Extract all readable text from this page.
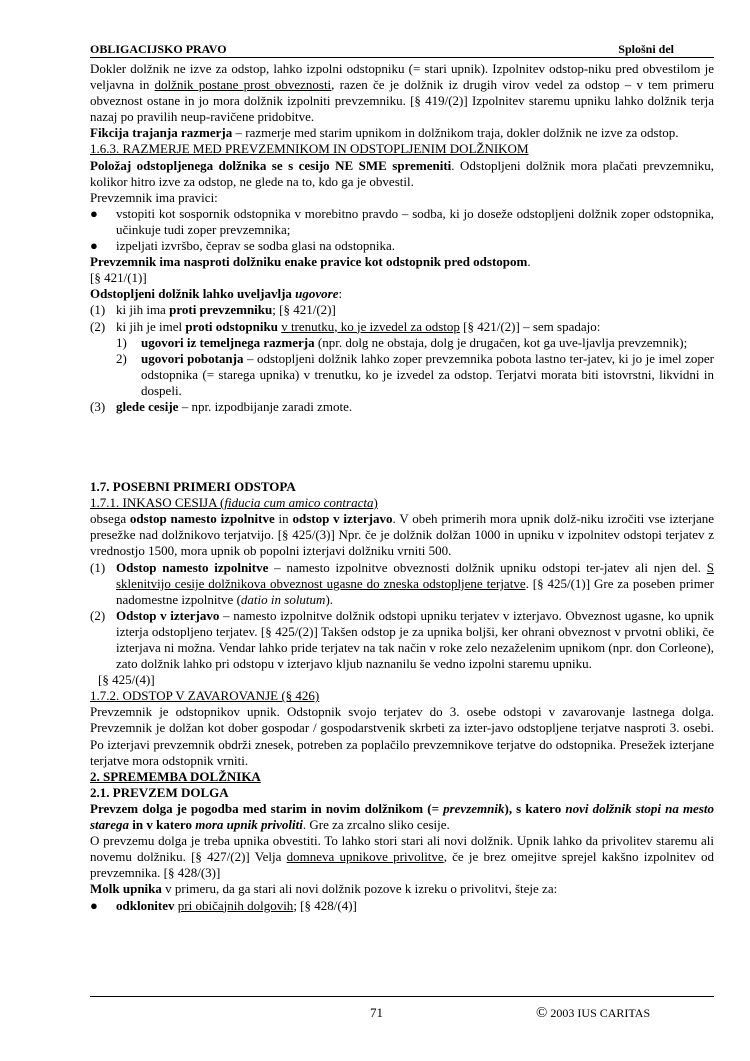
OBLIGACIJSKO PRAVO	Splošni del

Dokler dolžnik ne izve za odstop, lahko izpolni odstopniku (= stari upnik). Izpolnitev odstop-niku pred obvestilom je veljavna in dolžnik postane prost obveznosti, razen če je dolžnik iz drugih virov vedel za odstop – v tem primeru obveznost ostane in jo mora dolžnik izpolniti prevzemniku. [§ 419/(2)] Izpolnitev staremu upniku lahko dolžnik terja nazaj po pravilih neup-ravičene pridobitve.

Fikcija trajanja razmerja – razmerje med starim upnikom in dolžnikom traja, dokler dolžnik ne izve za odstop.

1.6.3. RAZMERJE MED PREVZEMNIKOM IN ODSTOPLJENIM DOLŽNIKOM

Položaj odstopljenega dolžnika se s cesijo NE SME spremeniti. Odstopljeni dolžnik mora plačati prevzemniku, kolikor hitro izve za odstop, ne glede na to, kdo ga je obvestil.

Prevzemnik ima pravici:

● vstopiti kot sospornik odstopnika v morebitno pravdo – sodba, ki jo doseže odstopljeni dolžnik zoper odstopnika, učinkuje tudi zoper prevzemnika;
● izpeljati izvršbo, čeprav se sodba glasi na odstopnika.

Prevzemnik ima nasproti dolžniku enake pravice kot odstopnik pred odstopom.

[§ 421/(1)]

Odstopljeni dolžnik lahko uveljavlja ugovore:

(1) ki jih ima proti prevzemniku; [§ 421/(2)]
(2) ki jih je imel proti odstopniku v trenutku, ko je izvedel za odstop [§ 421/(2)] – sem spadajo:
1) ugovori iz temeljnega razmerja (npr. dolg ne obstaja, dolg je drugačen, kot ga uve-ljavlja prevzemnik);
2) ugovori pobotanja – odstopljeni dolžnik lahko zoper prevzemnika pobota lastno ter-jatev, ki jo je imel zoper odstopnika (= starega upnika) v trenutku, ko je izvedel za odstop. Terjatvi morata biti istovrstni, likvidni in dospeli.
(3) glede cesije – npr. izpodbijanje zaradi zmote.

1.7. POSEBNI PRIMERI ODSTOPA

1.7.1. INKASO CESIJA (fiducia cum amico contracta)

obsega odstop namesto izpolnitve in odstop v izterjavo. V obeh primerih mora upnik dolž-niku izročiti vse izterjane presežke nad dolžnikovo terjatvijo. [§ 425/(3)] Npr. če je dolžnik dolžan 1000 in upniku v izpolnitev odstopi terjatev z vrednostjo 1500, mora upnik ob popolni izterjavi dolžniku vrniti 500.

(1) Odstop namesto izpolnitve – namesto izpolnitve obveznosti dolžnik upniku odstopi ter-jatev ali njen del. S sklenitvijo cesije dolžnikova obveznost ugasne do zneska odstopljene terjatve. [§ 425/(1)] Gre za poseben primer nadomestne izpolnitve (datio in solutum).
(2) Odstop v izterjavo – namesto izpolnitve dolžnik odstopi upniku terjatev v izterjavo. Obveznost ugasne, ko upnik izterja odstopljeno terjatev. [§ 425/(2)] Takšen odstop je za upnika boljši, ker ohrani obveznost v prvotni obliki, če izterjava ni možna. Vendar lahko pride terjatev na tak način v roke zelo nezaželenim upnikom (npr. don Corleone), zato dolžnik lahko pri odstopu v izterjavo kljub naznanilu še vedno izpolni staremu upniku.

[§ 425/(4)]

1.7.2. ODSTOP V ZAVAROVANJE (§ 426)

Prevzemnik je odstopnikov upnik. Odstopnik svojo terjatev do 3. osebe odstopi v zavarovanje lastnega dolga. Prevzemnik je dolžan kot dober gospodar / gospodarstvenik skrbeti za izter-javo odstopljene terjatve nasproti 3. osebi. Po izterjavi prevzemnik obdrži znesek, potreben za poplačilo prevzemnikove terjatve do odstopnika. Presežek izterjane terjatve mora odstopnik vrniti.

2. SPREMEMBA DOLŽNIKA

2.1. PREVZEM DOLGA

Prevzem dolga je pogodba med starim in novim dolžnikom (= prevzemnik), s katero novi dolžnik stopi na mesto starega in v katero mora upnik privoliti. Gre za zrcalno sliko cesije.

O prevzemu dolga je treba upnika obvestiti. To lahko stori stari ali novi dolžnik. Upnik lahko da privolitev staremu ali novemu dolžniku. [§ 427/(2)] Velja domneva upnikove privolitve, če je brez omejitve sprejel kakšno izpolnitev od prevzemnika. [§ 428/(3)]

Molk upnika v primeru, da ga stari ali novi dolžnik pozove k izreku o privolitvi, šteje za:

● odklonitev pri običajnih dolgovih; [§ 428/(4)]
71	© 2003 IUS CARITAS
